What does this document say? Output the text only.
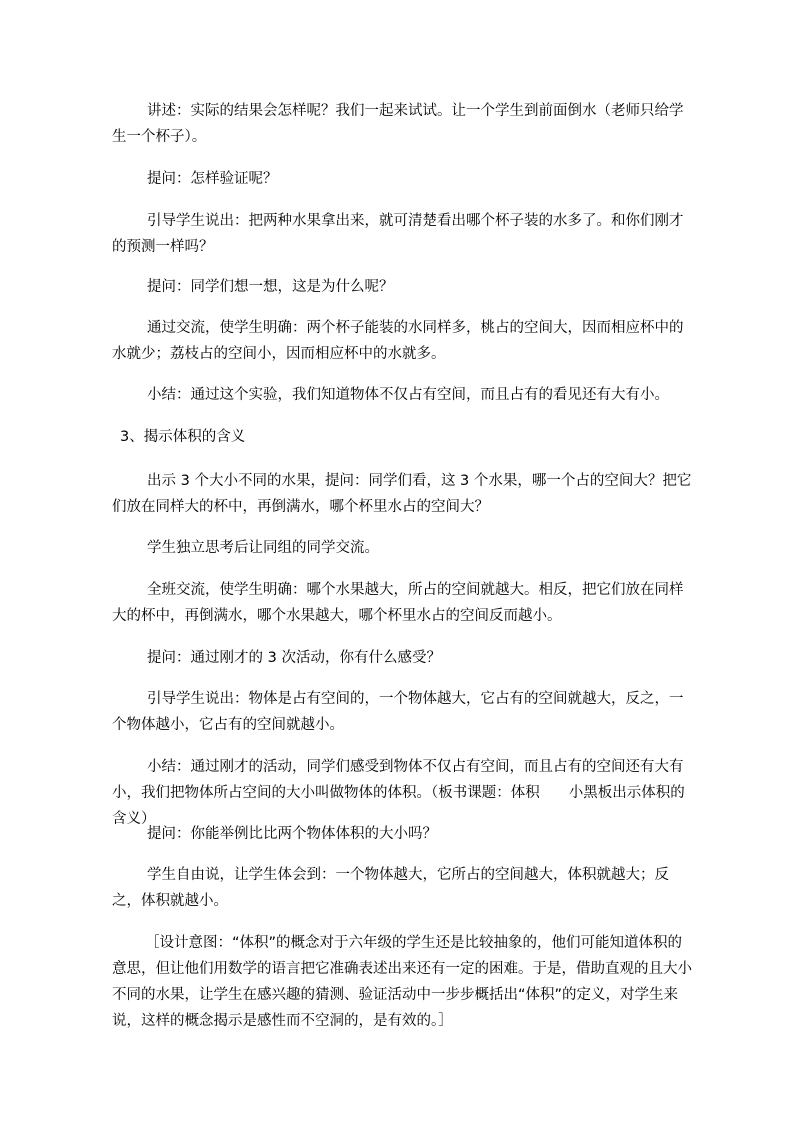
讲述：实际的结果会怎样呢？我们一起来试试。让一个学生到前面倒水（老师只给学生一个杯子）。

提问：怎样验证呢？

引导学生说出：把两种水果拿出来，就可清楚看出哪个杯子装的水多了。和你们刚才的预测一样吗？

提问：同学们想一想，这是为什么呢？

通过交流，使学生明确：两个杯子能装的水同样多，桃占的空间大，因而相应杯中的水就少；荔枝占的空间小，因而相应杯中的水就多。

小结：通过这个实验，我们知道物体不仅占有空间，而且占有的看见还有大有小。

3、揭示体积的含义

出示 3 个大小不同的水果，提问：同学们看，这 3 个水果，哪一个占的空间大？把它们放在同样大的杯中，再倒满水，哪个杯里水占的空间大？

学生独立思考后让同组的同学交流。

全班交流，使学生明确：哪个水果越大，所占的空间就越大。相反，把它们放在同样大的杯中，再倒满水，哪个水果越大，哪个杯里水占的空间反而越小。

提问：通过刚才的 3 次活动，你有什么感受？

引导学生说出：物体是占有空间的，一个物体越大，它占有的空间就越大，反之，一个物体越小，它占有的空间就越小。

小结：通过刚才的活动，同学们感受到物体不仅占有空间，而且占有的空间还有大有小，我们把物体所占空间的大小叫做物体的体积。（板书课题：体积　　小黑板出示体积的含义）

提问：你能举例比比两个物体体积的大小吗？

学生自由说，让学生体会到：一个物体越大，它所占的空间越大，体积就越大；反之，体积就越小。

［设计意图：“体积”的概念对于六年级的学生还是比较抽象的，他们可能知道体积的意思，但让他们用数学的语言把它准确表述出来还有一定的困难。于是，借助直观的且大小不同的水果，让学生在感兴趣的猜测、验证活动中一步步概括出“体积”的定义，对学生来说，这样的概念揭示是感性而不空洞的，是有效的。］
